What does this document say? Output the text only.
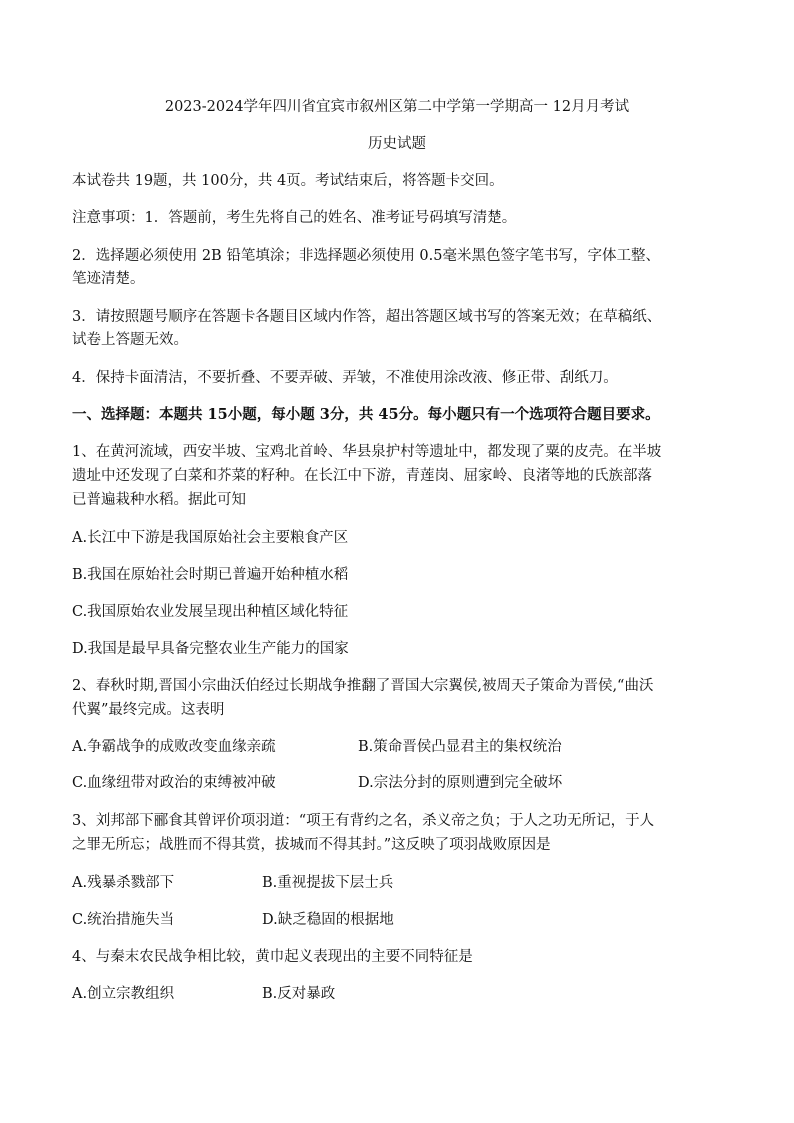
2023-2024学年四川省宜宾市叙州区第二中学第一学期高一 12月月考试
历史试题
本试卷共 19题，共 100分，共 4页。考试结束后，将答题卡交回。
注意事项：1．答题前，考生先将自己的姓名、准考证号码填写清楚。
2．选择题必须使用 2B 铅笔填涂；非选择题必须使用 0.5毫米黑色签字笔书写，字体工整、
笔迹清楚。
3．请按照题号顺序在答题卡各题目区域内作答，超出答题区域书写的答案无效；在草稿纸、
试卷上答题无效。
4．保持卡面清洁，不要折叠、不要弄破、弄皱，不准使用涂改液、修正带、刮纸刀。
一、选择题：本题共 15小题，每小题 3分，共 45分。每小题只有一个选项符合题目要求。
1、在黄河流域，西安半坡、宝鸡北首岭、华县泉护村等遗址中，都发现了粟的皮壳。在半坡
遗址中还发现了白菜和芥菜的籽种。在长江中下游，青莲岗、屈家岭、良渚等地的氏族部落
已普遍栽种水稻。据此可知
A.长江中下游是我国原始社会主要粮食产区
B.我国在原始社会时期已普遍开始种植水稻
C.我国原始农业发展呈现出种植区域化特征
D.我国是最早具备完整农业生产能力的国家
2、春秋时期,晋国小宗曲沃伯经过长期战争推翻了晋国大宗翼侯,被周天子策命为晋侯,“曲沃
代翼”最终完成。这表明
A.争霸战争的成败改变血缘亲疏	B.策命晋侯凸显君主的集权统治
C.血缘纽带对政治的束缚被冲破	D.宗法分封的原则遭到完全破坏
3、刘邦部下郦食其曾评价项羽道：“项王有背约之名，杀义帝之负；于人之功无所记，于人
之罪无所忘；战胜而不得其赏，拔城而不得其封。”这反映了项羽战败原因是
A.残暴杀戮部下	B.重视提拔下层士兵
C.统治措施失当	D.缺乏稳固的根据地
4、与秦末农民战争相比较，黄巾起义表现出的主要不同特征是
A.创立宗教组织	B.反对暴政
